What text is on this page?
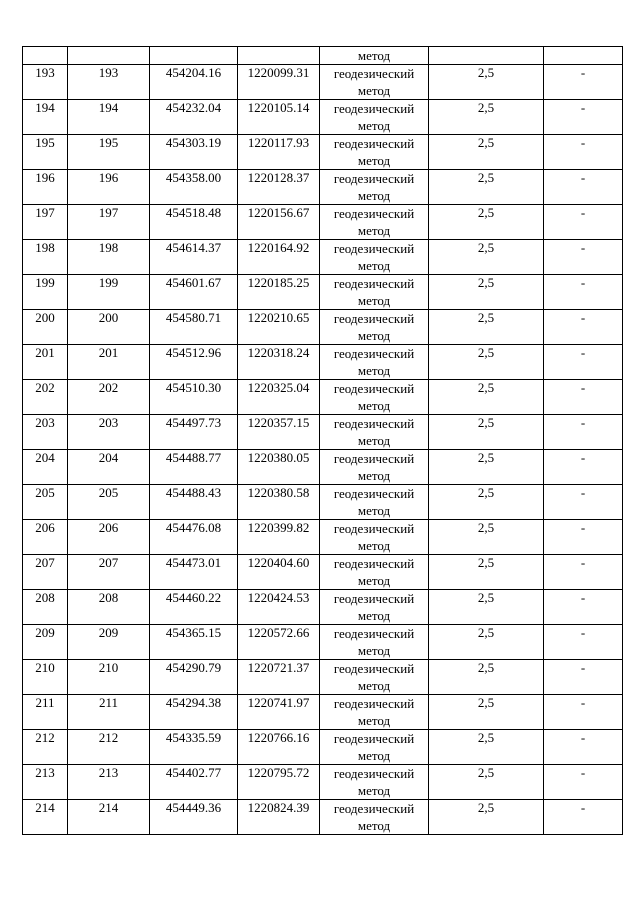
				метод		
193	193	454204.16	1220099.31	геодезический
метод	2,5	-
194	194	454232.04	1220105.14	геодезический
метод	2,5	-
195	195	454303.19	1220117.93	геодезический
метод	2,5	-
196	196	454358.00	1220128.37	геодезический
метод	2,5	-
197	197	454518.48	1220156.67	геодезический
метод	2,5	-
198	198	454614.37	1220164.92	геодезический
метод	2,5	-
199	199	454601.67	1220185.25	геодезический
метод	2,5	-
200	200	454580.71	1220210.65	геодезический
метод	2,5	-
201	201	454512.96	1220318.24	геодезический
метод	2,5	-
202	202	454510.30	1220325.04	геодезический
метод	2,5	-
203	203	454497.73	1220357.15	геодезический
метод	2,5	-
204	204	454488.77	1220380.05	геодезический
метод	2,5	-
205	205	454488.43	1220380.58	геодезический
метод	2,5	-
206	206	454476.08	1220399.82	геодезический
метод	2,5	-
207	207	454473.01	1220404.60	геодезический
метод	2,5	-
208	208	454460.22	1220424.53	геодезический
метод	2,5	-
209	209	454365.15	1220572.66	геодезический
метод	2,5	-
210	210	454290.79	1220721.37	геодезический
метод	2,5	-
211	211	454294.38	1220741.97	геодезический
метод	2,5	-
212	212	454335.59	1220766.16	геодезический
метод	2,5	-
213	213	454402.77	1220795.72	геодезический
метод	2,5	-
214	214	454449.36	1220824.39	геодезический
метод	2,5	-
